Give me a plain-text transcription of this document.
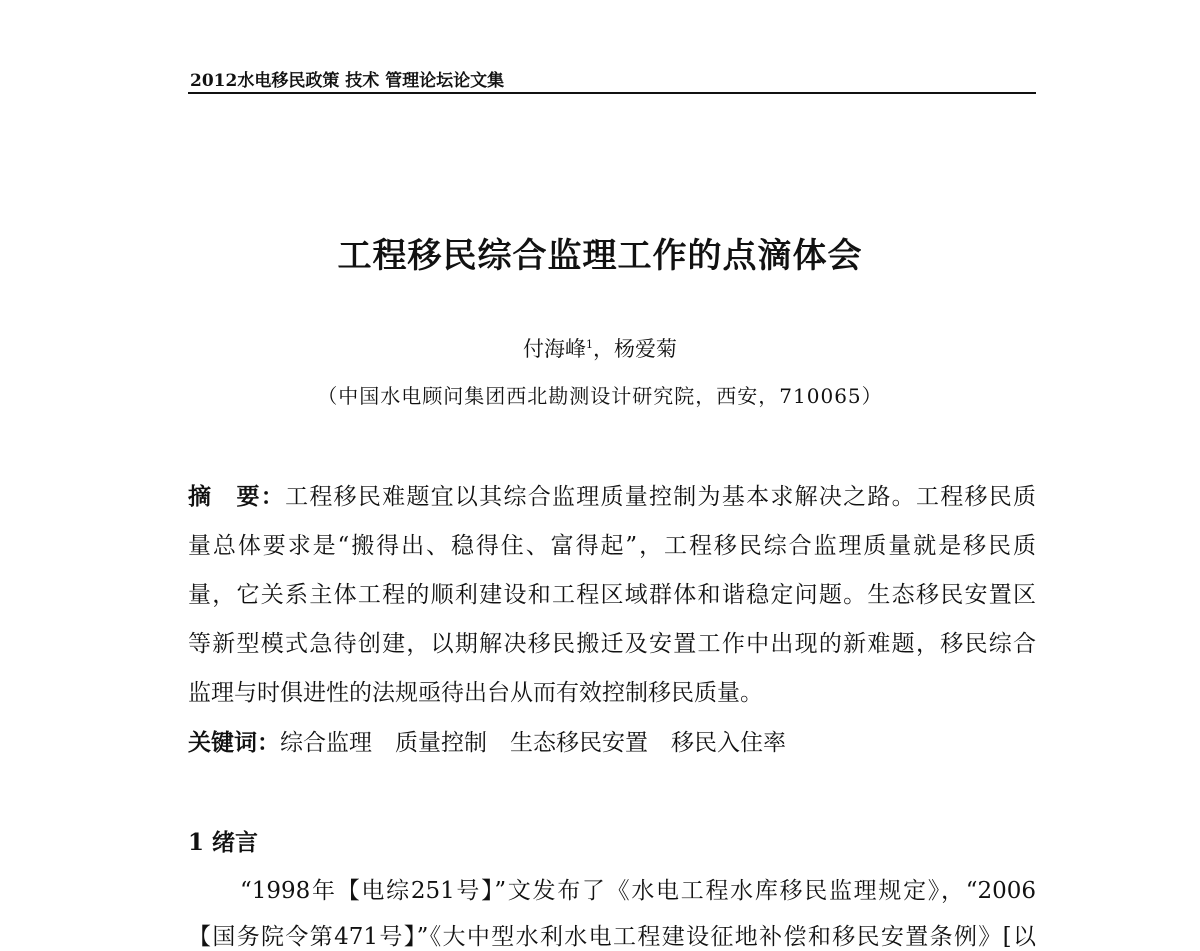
2012水电移民政策 技术 管理论坛论文集
工程移民综合监理工作的点滴体会
付海峰$^1$，杨爱菊
（中国水电顾问集团西北勘测设计研究院，西安，710065）
摘　要：工程移民难题宜以其综合监理质量控制为基本求解决之路。工程移民质
量总体要求是“搬得出、稳得住、富得起”，工程移民综合监理质量就是移民质
量，它关系主体工程的顺利建设和工程区域群体和谐稳定问题。生态移民安置区
等新型模式急待创建，以期解决移民搬迁及安置工作中出现的新难题，移民综合
监理与时俱进性的法规亟待出台从而有效控制移民质量。
关键词：综合监理　质量控制　生态移民安置　移民入住率
1 绪言
“1998年【电综251号】”文发布了《水电工程水库移民监理规定》，“2006
【国务院令第471号】”《大中型水利水电工程建设征地补偿和移民安置条例》[以
